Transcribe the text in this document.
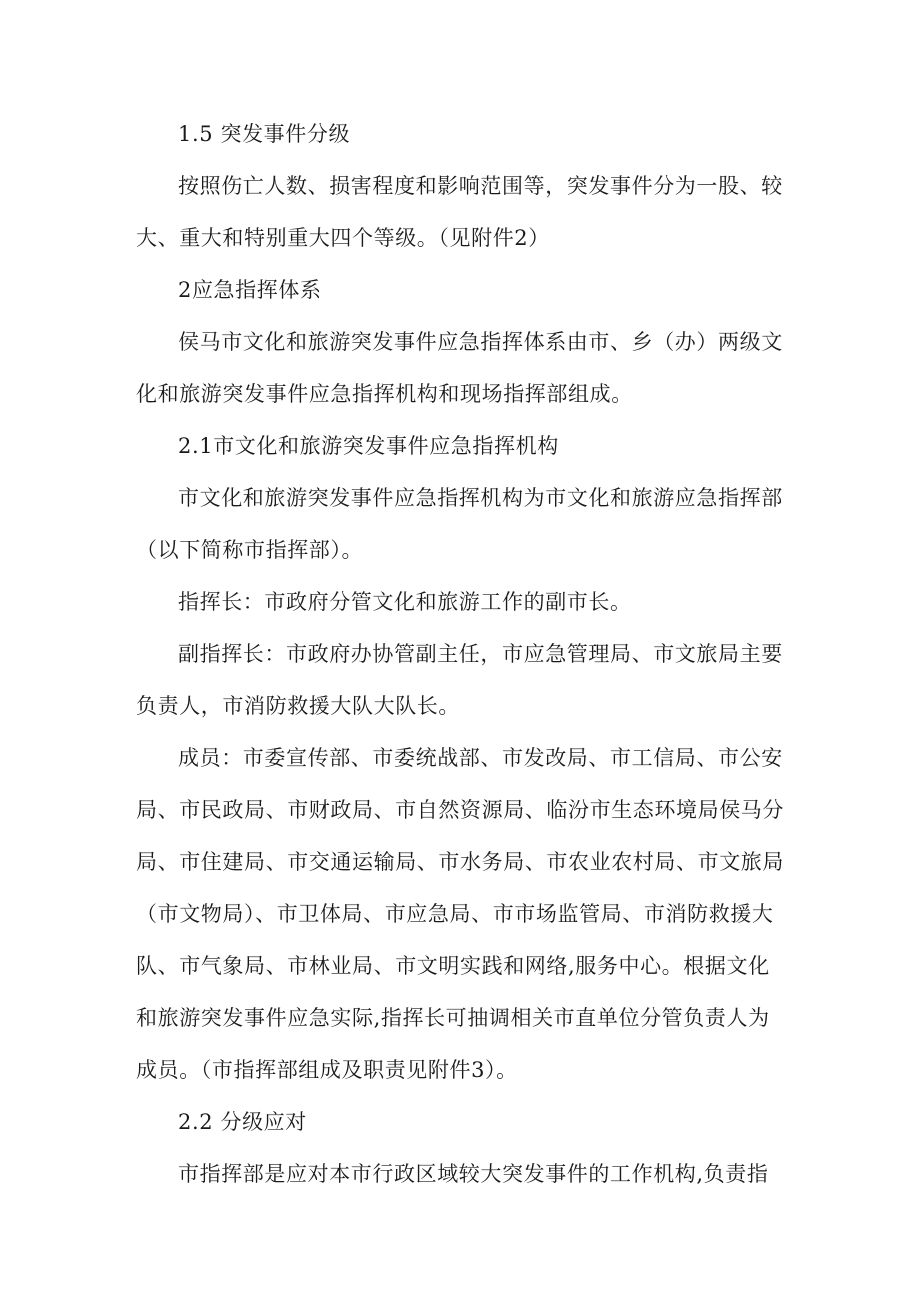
1.5 突发事件分级

按照伤亡人数、损害程度和影响范围等，突发事件分为一股、较大、重大和特别重大四个等级。（见附件2）

2应急指挥体系

侯马市文化和旅游突发事件应急指挥体系由市、乡（办）两级文化和旅游突发事件应急指挥机构和现场指挥部组成。

2.1市文化和旅游突发事件应急指挥机构

市文化和旅游突发事件应急指挥机构为市文化和旅游应急指挥部（以下简称市指挥部）。

指挥长：市政府分管文化和旅游工作的副市长。

副指挥长：市政府办协管副主任，市应急管理局、市文旅局主要负责人，市消防救援大队大队长。

成员：市委宣传部、市委统战部、市发改局、市工信局、市公安局、市民政局、市财政局、市自然资源局、临汾市生态环境局侯马分局、市住建局、市交通运输局、市水务局、市农业农村局、市文旅局（市文物局）、市卫体局、市应急局、市市场监管局、市消防救援大队、市气象局、市林业局、市文明实践和网络,服务中心。根据文化和旅游突发事件应急实际,指挥长可抽调相关市直单位分管负责人为成员。（市指挥部组成及职责见附件3）。

2.2 分级应对

市指挥部是应对本市行政区域较大突发事件的工作机构,负责指
